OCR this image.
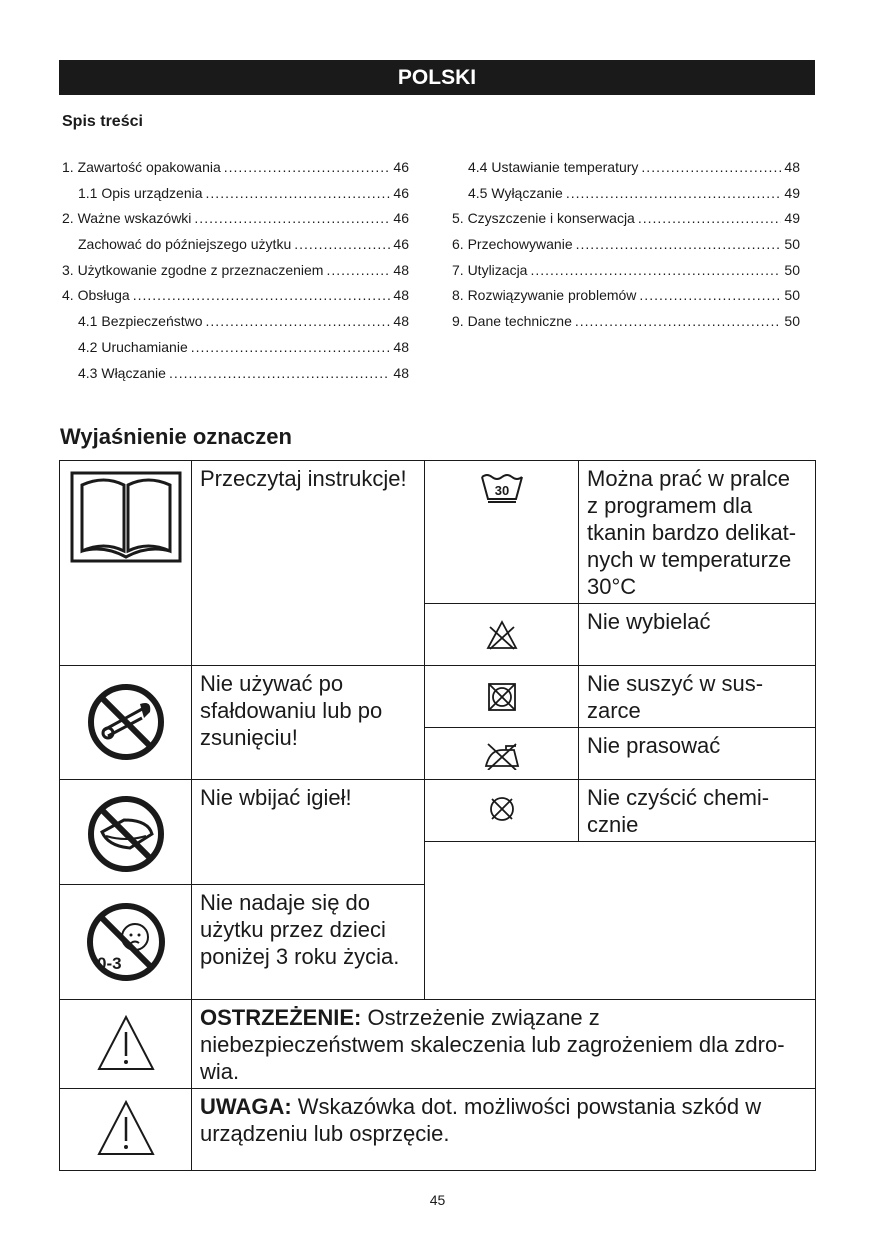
POLSKI
Spis treści
1. Zawartość opakowania .....	46
1.1 Opis urządzenia .....	46
2. Ważne wskazówki .....	46
Zachować do późniejszego użytku .....	46
3. Użytkowanie zgodne z przeznaczeniem .....	48
4. Obsługa .....	48
4.1 Bezpieczeństwo .....	48
4.2 Uruchamianie .....	48
4.3 Włączanie .....	48
4.4 Ustawianie temperatury .....	48
4.5 Wyłączanie .....	49
5. Czyszczenie i konserwacja .....	49
6. Przechowywanie .....	50
7. Utylizacja .....	50
8. Rozwiązywanie problemów .....	50
9. Dane techniczne .....	50
Wyjaśnienie oznaczen
	Przeczytaj instrukcje!	30	Można prać w pralce z programem dla tkanin bardzo delikat-nych w temperaturze 30°C

	Nie wybielać

	Nie używać po sfałdowaniu lub po zsunięciu!		Nie suszyć w sus-zarce

	Nie prasować

	Nie wbijać igieł!		Nie czyścić chemi-cznie

0-3	Nie nadaje się do użytku przez dzieci poniżej 3 roku życia.		

	OSTRZEŻENIE: Ostrzeżenie związane z niebezpieczeństwem skaleczenia lub zagrożeniem dla zdro-wia.		

	UWAGA: Wskazówka dot. możliwości powstania szkód w urządzeniu lub osprzęcie.		
45
